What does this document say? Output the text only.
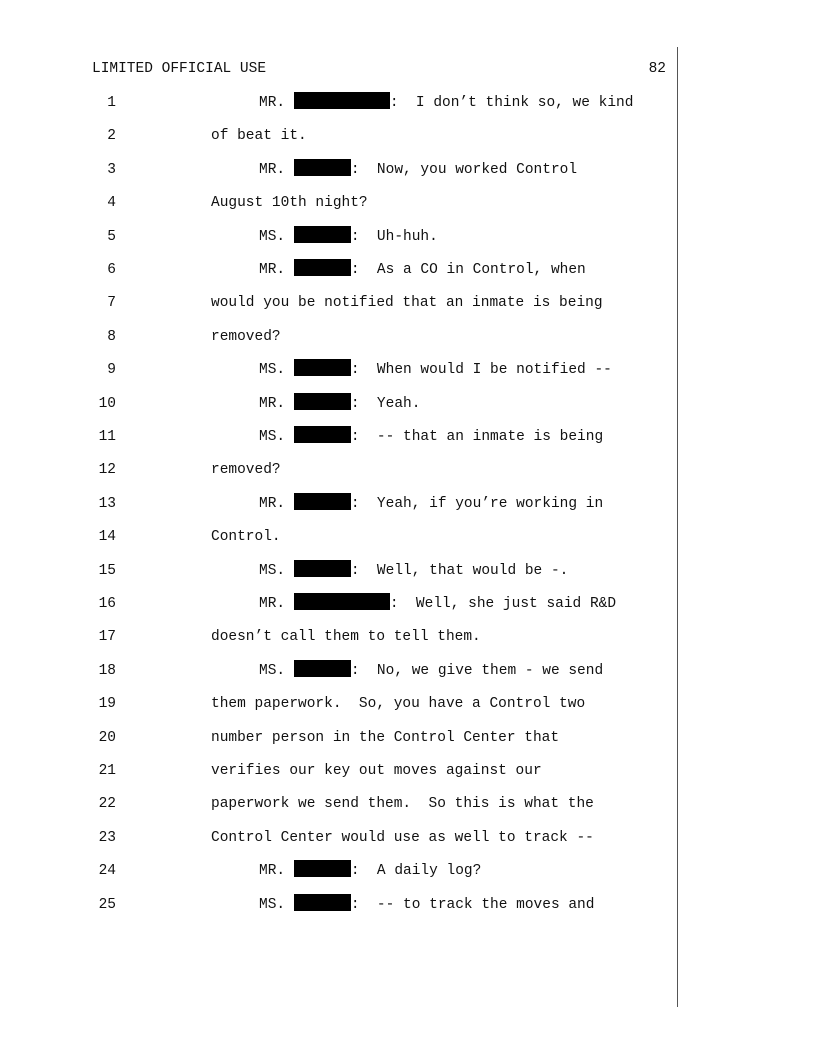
LIMITED OFFICIAL USE	82
1	MR.	:  I don’t think so, we kind
2	of beat it.
3	MR.	:  Now, you worked Control
4	August 10th night?
5	MS.	:  Uh-huh.
6	MR.	:  As a CO in Control, when
7	would you be notified that an inmate is being
8	removed?
9	MS.	:  When would I be notified --
10	MR.	:  Yeah.
11	MS.	:  -- that an inmate is being
12	removed?
13	MR.	:  Yeah, if you’re working in
14	Control.
15	MS.	:  Well, that would be -.
16	MR.	:  Well, she just said R&D
17	doesn’t call them to tell them.
18	MS.	:  No, we give them - we send
19	them paperwork.  So, you have a Control two
20	number person in the Control Center that
21	verifies our key out moves against our
22	paperwork we send them.  So this is what the
23	Control Center would use as well to track --
24	MR.	:  A daily log?
25	MS.	:  -- to track the moves and
